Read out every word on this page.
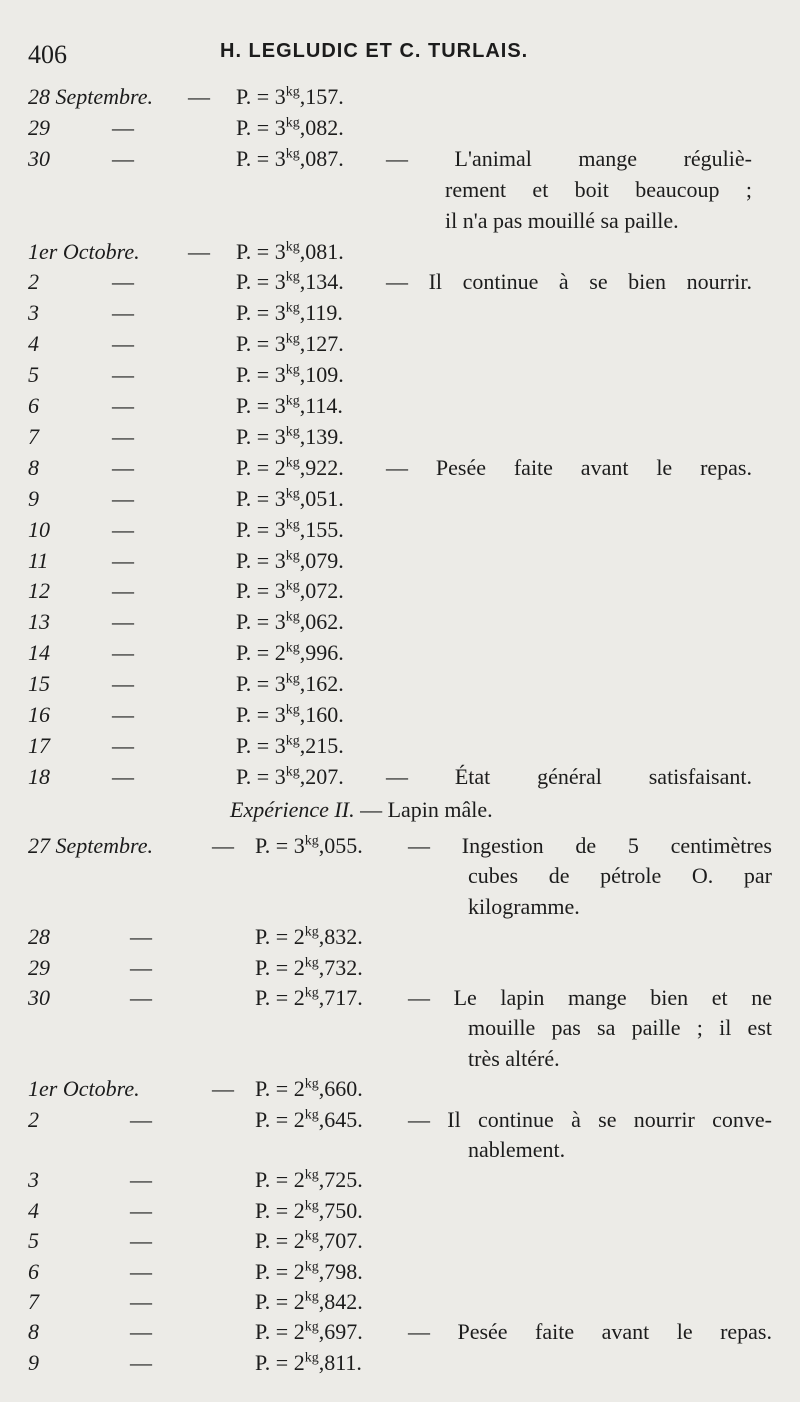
406	H. LEGLUDIC ET C. TURLAIS.
28 Septembre. — P. = $3^{kg},157$.
29	—	P. = $3^{kg},082$.
30	—	P. = $3^{kg},087$. — L'animal mange réguliè-
rement et boit beaucoup ;
il n'a pas mouillé sa paille.
1er Octobre. — P. = $3^{kg},081$.
2	—	P. = $3^{kg},134$. — Il continue à se bien nourrir.
3	—	P. = $3^{kg},119$.
4	—	P. = $3^{kg},127$.
5	—	P. = $3^{kg},109$.
6	—	P. = $3^{kg},114$.
7	—	P. = $3^{kg},139$.
8	—	P. = $2^{kg},922$. — Pesée faite avant le repas.
9	—	P. = $3^{kg},051$.
10	—	P. = $3^{kg},155$.
11	—	P. = $3^{kg},079$.
12	—	P. = $3^{kg},072$.
13	—	P. = $3^{kg},062$.
14	—	P. = $2^{kg},996$.
15	—	P. = $3^{kg},162$.
16	—	P. = $3^{kg},160$.
17	—	P. = $3^{kg},215$.
18	—	P. = $3^{kg},207$. — État général satisfaisant.
Expérience II. — Lapin mâle.
27 Septembre.	— P. = $3^{kg},055$. — Ingestion de 5 centimètres
cubes de pétrole O. par
kilogramme.
28	—	P. = $2^{kg},832$.
29	—	P. = $2^{kg},732$.
30	—	P. = $2^{kg},717$. — Le lapin mange bien et ne
mouille pas sa paille ; il est
très altéré.
1er Octobre.	— P. = $2^{kg},660$.
2	—	P. = $2^{kg},645$. — Il continue à se nourrir conve-
nablement.
3	—	P. = $2^{kg},725$.
4	—	P. = $2^{kg},750$.
5	—	P. = $2^{kg},707$.
6	—	P. = $2^{kg},798$.
7	—	P. = $2^{kg},842$.
8	—	P. = $2^{kg},697$. — Pesée faite avant le repas.
9	—	P. = $2^{kg},811$.
